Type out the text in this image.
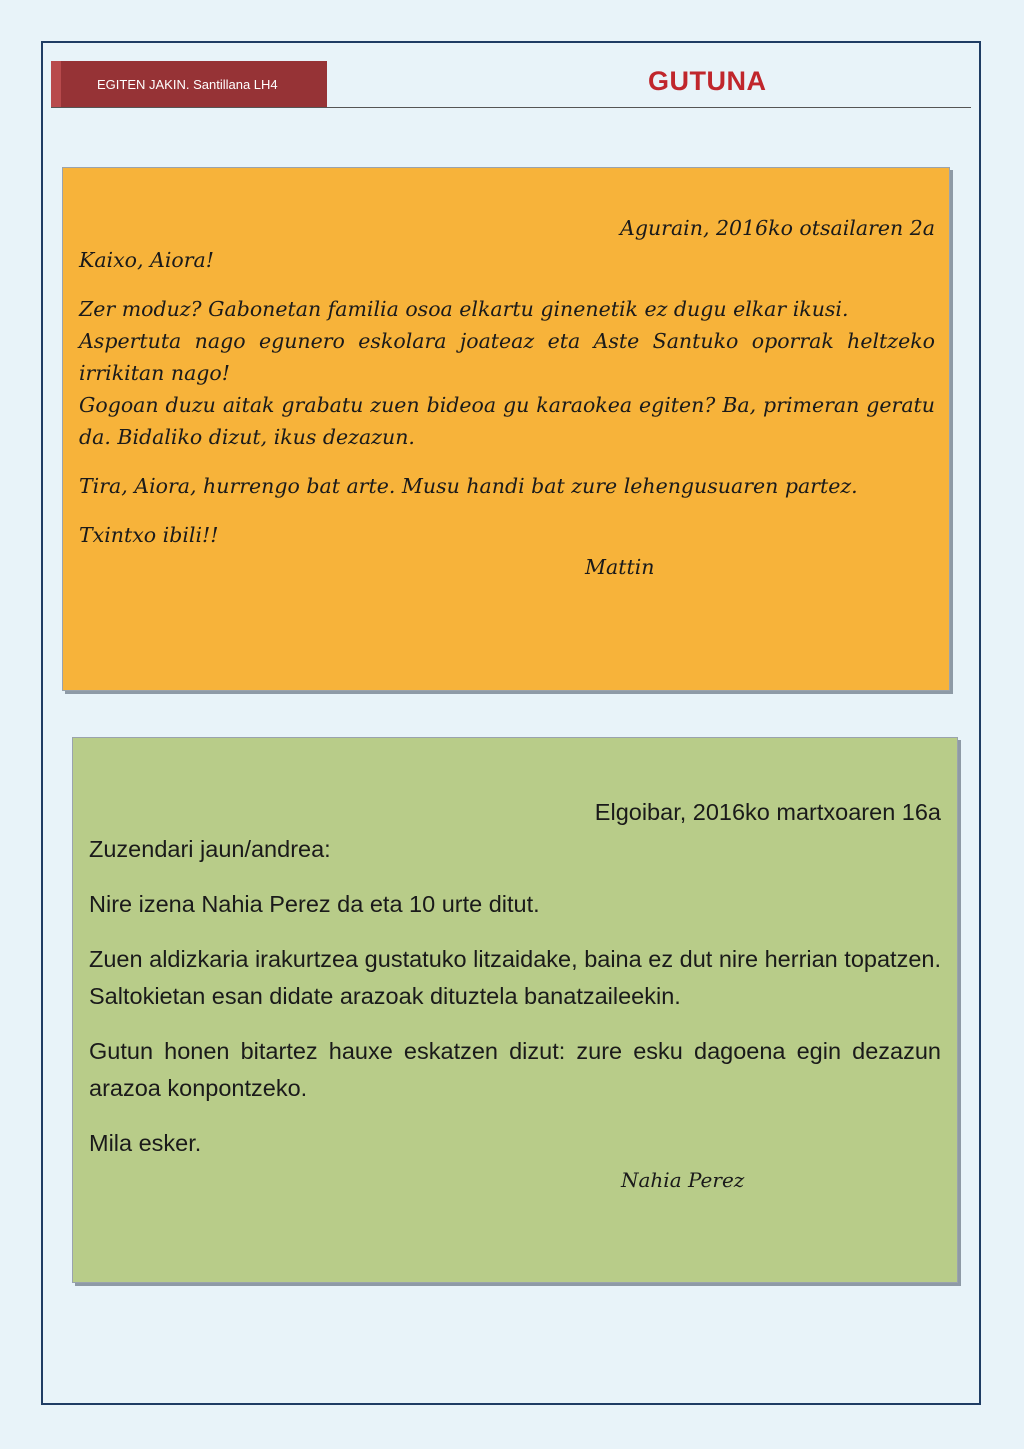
EGITEN JAKIN. Santillana LH4	GUTUNA

Agurain, 2016ko otsailaren 2a

Kaixo, Aiora!

Zer moduz? Gabonetan familia osoa elkartu ginenetik ez dugu elkar ikusi.

Aspertuta nago egunero eskolara joateaz eta Aste Santuko oporrak heltzeko irrikitan nago!

Gogoan duzu aitak grabatu zuen bideoa gu karaokea egiten? Ba, primeran geratu da. Bidaliko dizut, ikus dezazun.

Tira, Aiora, hurrengo bat arte. Musu handi bat zure lehengusuaren partez.

Txintxo ibili!!

Mattin

Elgoibar, 2016ko martxoaren 16a

Zuzendari jaun/andrea:

Nire izena Nahia Perez da eta 10 urte ditut.

Zuen aldizkaria irakurtzea gustatuko litzaidake, baina ez dut nire herrian topatzen. Saltokietan esan didate arazoak dituztela banatzaileekin.

Gutun honen bitartez hauxe eskatzen dizut: zure esku dagoena egin dezazun arazoa konpontzeko.

Mila esker.

Nahia Perez
